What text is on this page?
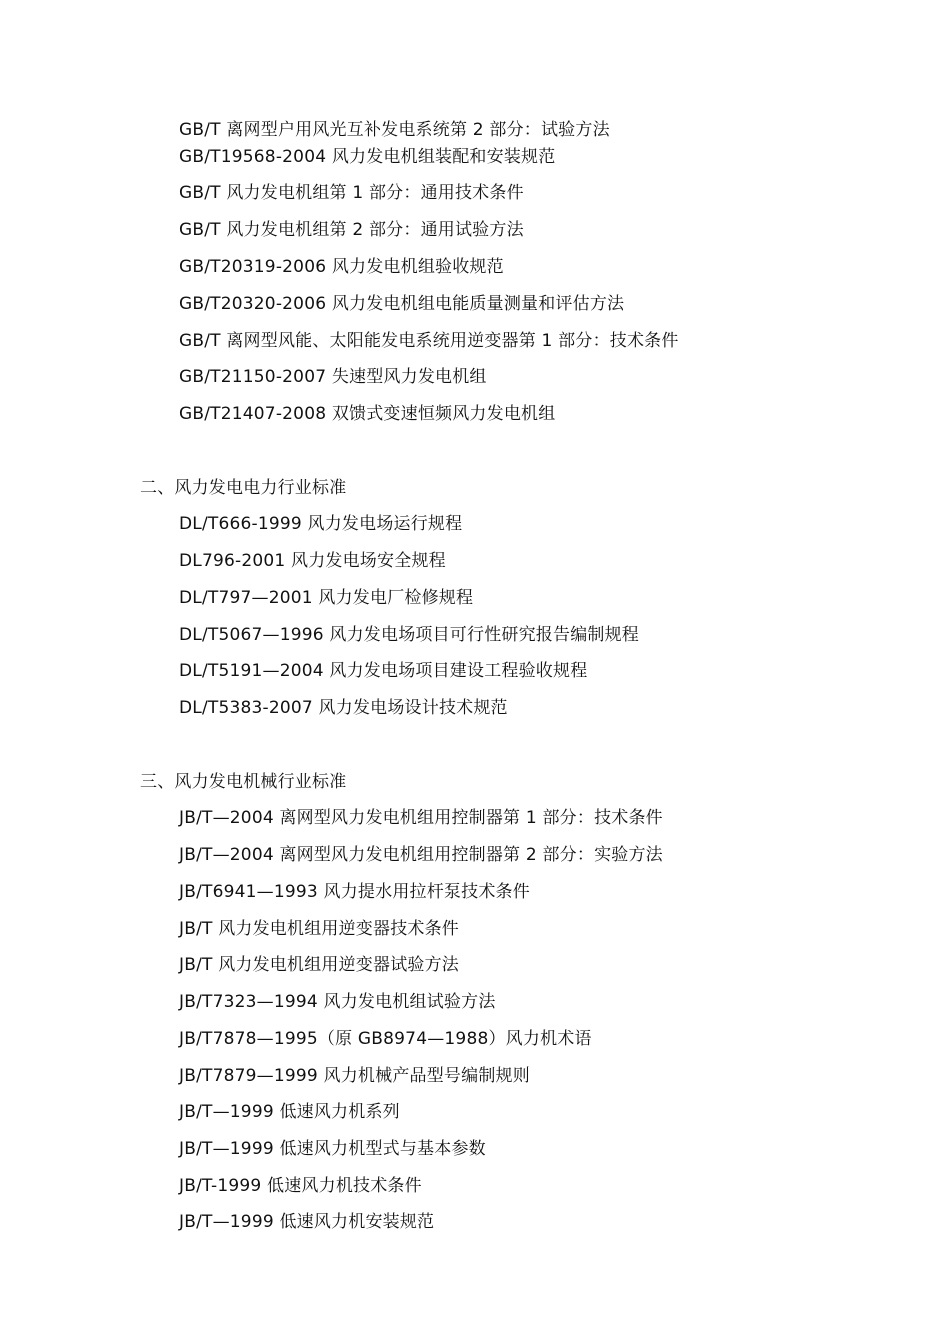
GB/T 离网型户用风光互补发电系统第 2 部分：试验方法
GB/T19568-2004 风力发电机组装配和安装规范
GB/T 风力发电机组第 1 部分：通用技术条件
GB/T 风力发电机组第 2 部分：通用试验方法
GB/T20319-2006 风力发电机组验收规范
GB/T20320-2006 风力发电机组电能质量测量和评估方法
GB/T 离网型风能、太阳能发电系统用逆变器第 1 部分：技术条件
GB/T21150-2007 失速型风力发电机组
GB/T21407-2008 双馈式变速恒频风力发电机组
二、风力发电电力行业标准
DL/T666-1999 风力发电场运行规程
DL796-2001 风力发电场安全规程
DL/T797—2001 风力发电厂检修规程
DL/T5067—1996 风力发电场项目可行性研究报告编制规程
DL/T5191—2004 风力发电场项目建设工程验收规程
DL/T5383-2007 风力发电场设计技术规范
三、风力发电机械行业标准
JB/T—2004 离网型风力发电机组用控制器第 1 部分：技术条件
JB/T—2004 离网型风力发电机组用控制器第 2 部分：实验方法
JB/T6941—1993 风力提水用拉杆泵技术条件
JB/T 风力发电机组用逆变器技术条件
JB/T 风力发电机组用逆变器试验方法
JB/T7323—1994 风力发电机组试验方法
JB/T7878—1995（原 GB8974—1988）风力机术语
JB/T7879—1999 风力机械产品型号编制规则
JB/T—1999 低速风力机系列
JB/T—1999 低速风力机型式与基本参数
JB/T-1999 低速风力机技术条件
JB/T—1999 低速风力机安装规范
